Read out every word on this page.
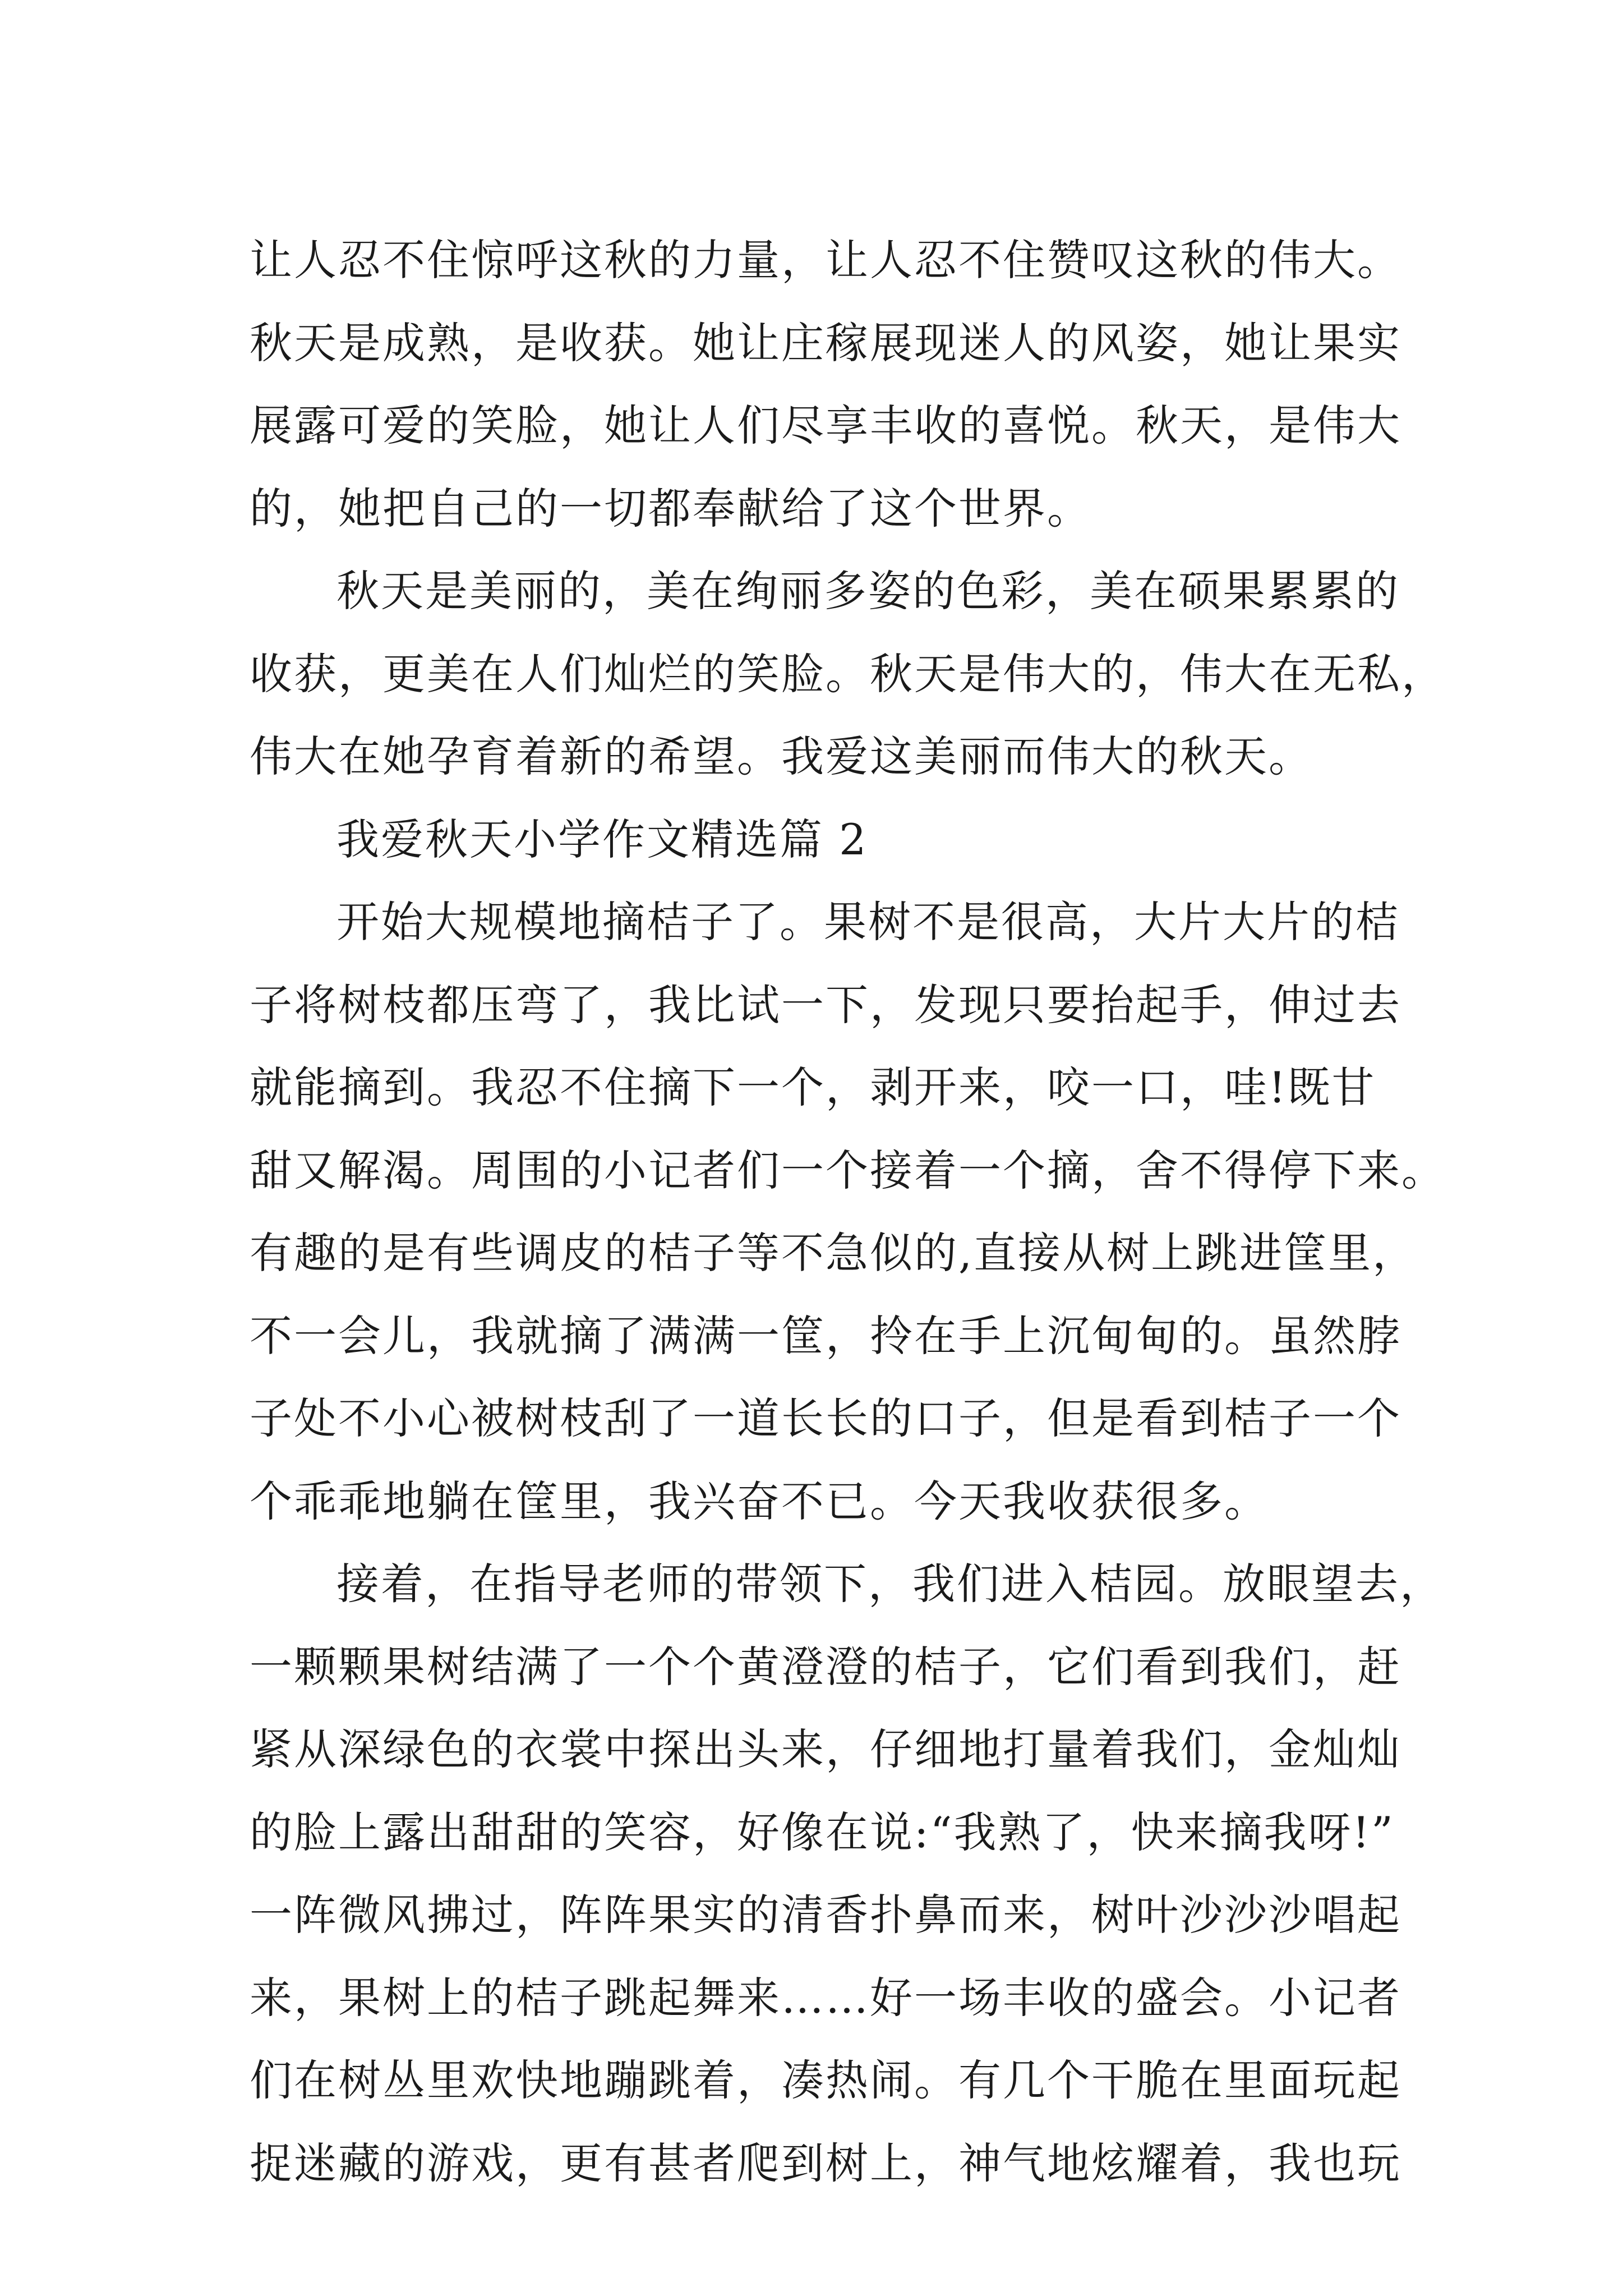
让人忍不住惊呼这秋的力量，让人忍不住赞叹这秋的伟大。
秋天是成熟，是收获。她让庄稼展现迷人的风姿，她让果实
展露可爱的笑脸，她让人们尽享丰收的喜悦。秋天，是伟大
的，她把自己的一切都奉献给了这个世界。
秋天是美丽的，美在绚丽多姿的色彩，美在硕果累累的
收获，更美在人们灿烂的笑脸。秋天是伟大的，伟大在无私，
伟大在她孕育着新的希望。我爱这美丽而伟大的秋天。
我爱秋天小学作文精选篇 2
开始大规模地摘桔子了。果树不是很高，大片大片的桔
子将树枝都压弯了，我比试一下，发现只要抬起手，伸过去
就能摘到。我忍不住摘下一个，剥开来，咬一口，哇!既甘
甜又解渴。周围的小记者们一个接着一个摘，舍不得停下来。
有趣的是有些调皮的桔子等不急似的,直接从树上跳进筐里，
不一会儿，我就摘了满满一筐，拎在手上沉甸甸的。虽然脖
子处不小心被树枝刮了一道长长的口子，但是看到桔子一个
个乖乖地躺在筐里，我兴奋不已。今天我收获很多。
接着，在指导老师的带领下，我们进入桔园。放眼望去，
一颗颗果树结满了一个个黄澄澄的桔子，它们看到我们，赶
紧从深绿色的衣裳中探出头来，仔细地打量着我们，金灿灿
的脸上露出甜甜的笑容，好像在说:“我熟了，快来摘我呀!”
一阵微风拂过，阵阵果实的清香扑鼻而来，树叶沙沙沙唱起
来，果树上的桔子跳起舞来……好一场丰收的盛会。小记者
们在树丛里欢快地蹦跳着，凑热闹。有几个干脆在里面玩起
捉迷藏的游戏，更有甚者爬到树上，神气地炫耀着，我也玩
